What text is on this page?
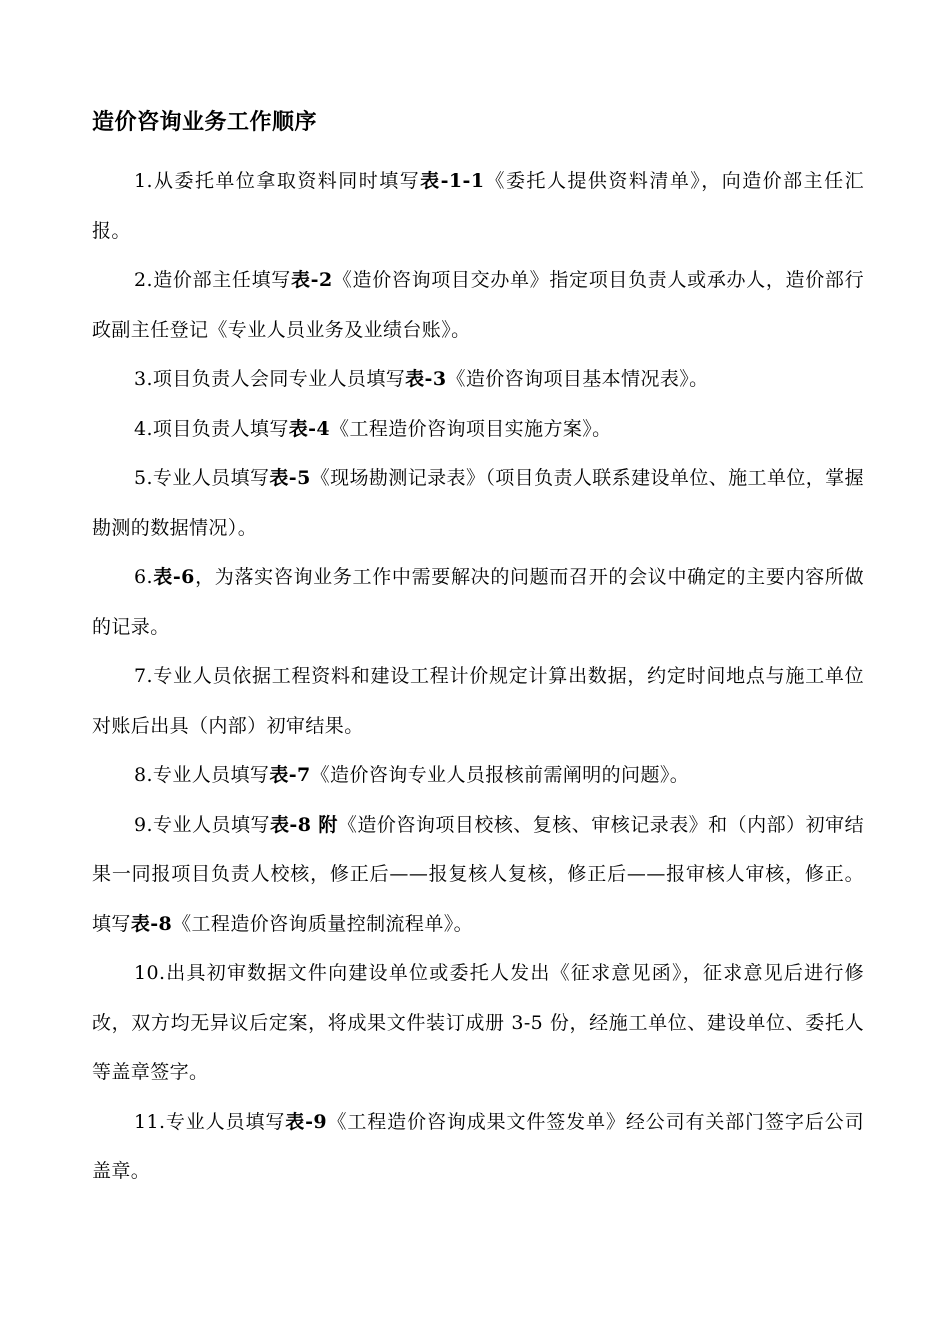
造价咨询业务工作顺序

1.从委托单位拿取资料同时填写表-1-1《委托人提供资料清单》，向造价部主任汇报。

2.造价部主任填写表-2《造价咨询项目交办单》指定项目负责人或承办人，造价部行政副主任登记《专业人员业务及业绩台账》。

3.项目负责人会同专业人员填写表-3《造价咨询项目基本情况表》。

4.项目负责人填写表-4《工程造价咨询项目实施方案》。

5.专业人员填写表-5《现场勘测记录表》（项目负责人联系建设单位、施工单位，掌握勘测的数据情况）。

6.表-6，为落实咨询业务工作中需要解决的问题而召开的会议中确定的主要内容所做的记录。

7.专业人员依据工程资料和建设工程计价规定计算出数据，约定时间地点与施工单位对账后出具（内部）初审结果。

8.专业人员填写表-7《造价咨询专业人员报核前需阐明的问题》。

9.专业人员填写表-8 附《造价咨询项目校核、复核、审核记录表》和（内部）初审结果一同报项目负责人校核，修正后——报复核人复核，修正后——报审核人审核，修正。填写表-8《工程造价咨询质量控制流程单》。

10.出具初审数据文件向建设单位或委托人发出《征求意见函》，征求意见后进行修改，双方均无异议后定案，将成果文件装订成册 3-5 份，经施工单位、建设单位、委托人等盖章签字。

11.专业人员填写表-9《工程造价咨询成果文件签发单》经公司有关部门签字后公司盖章。
